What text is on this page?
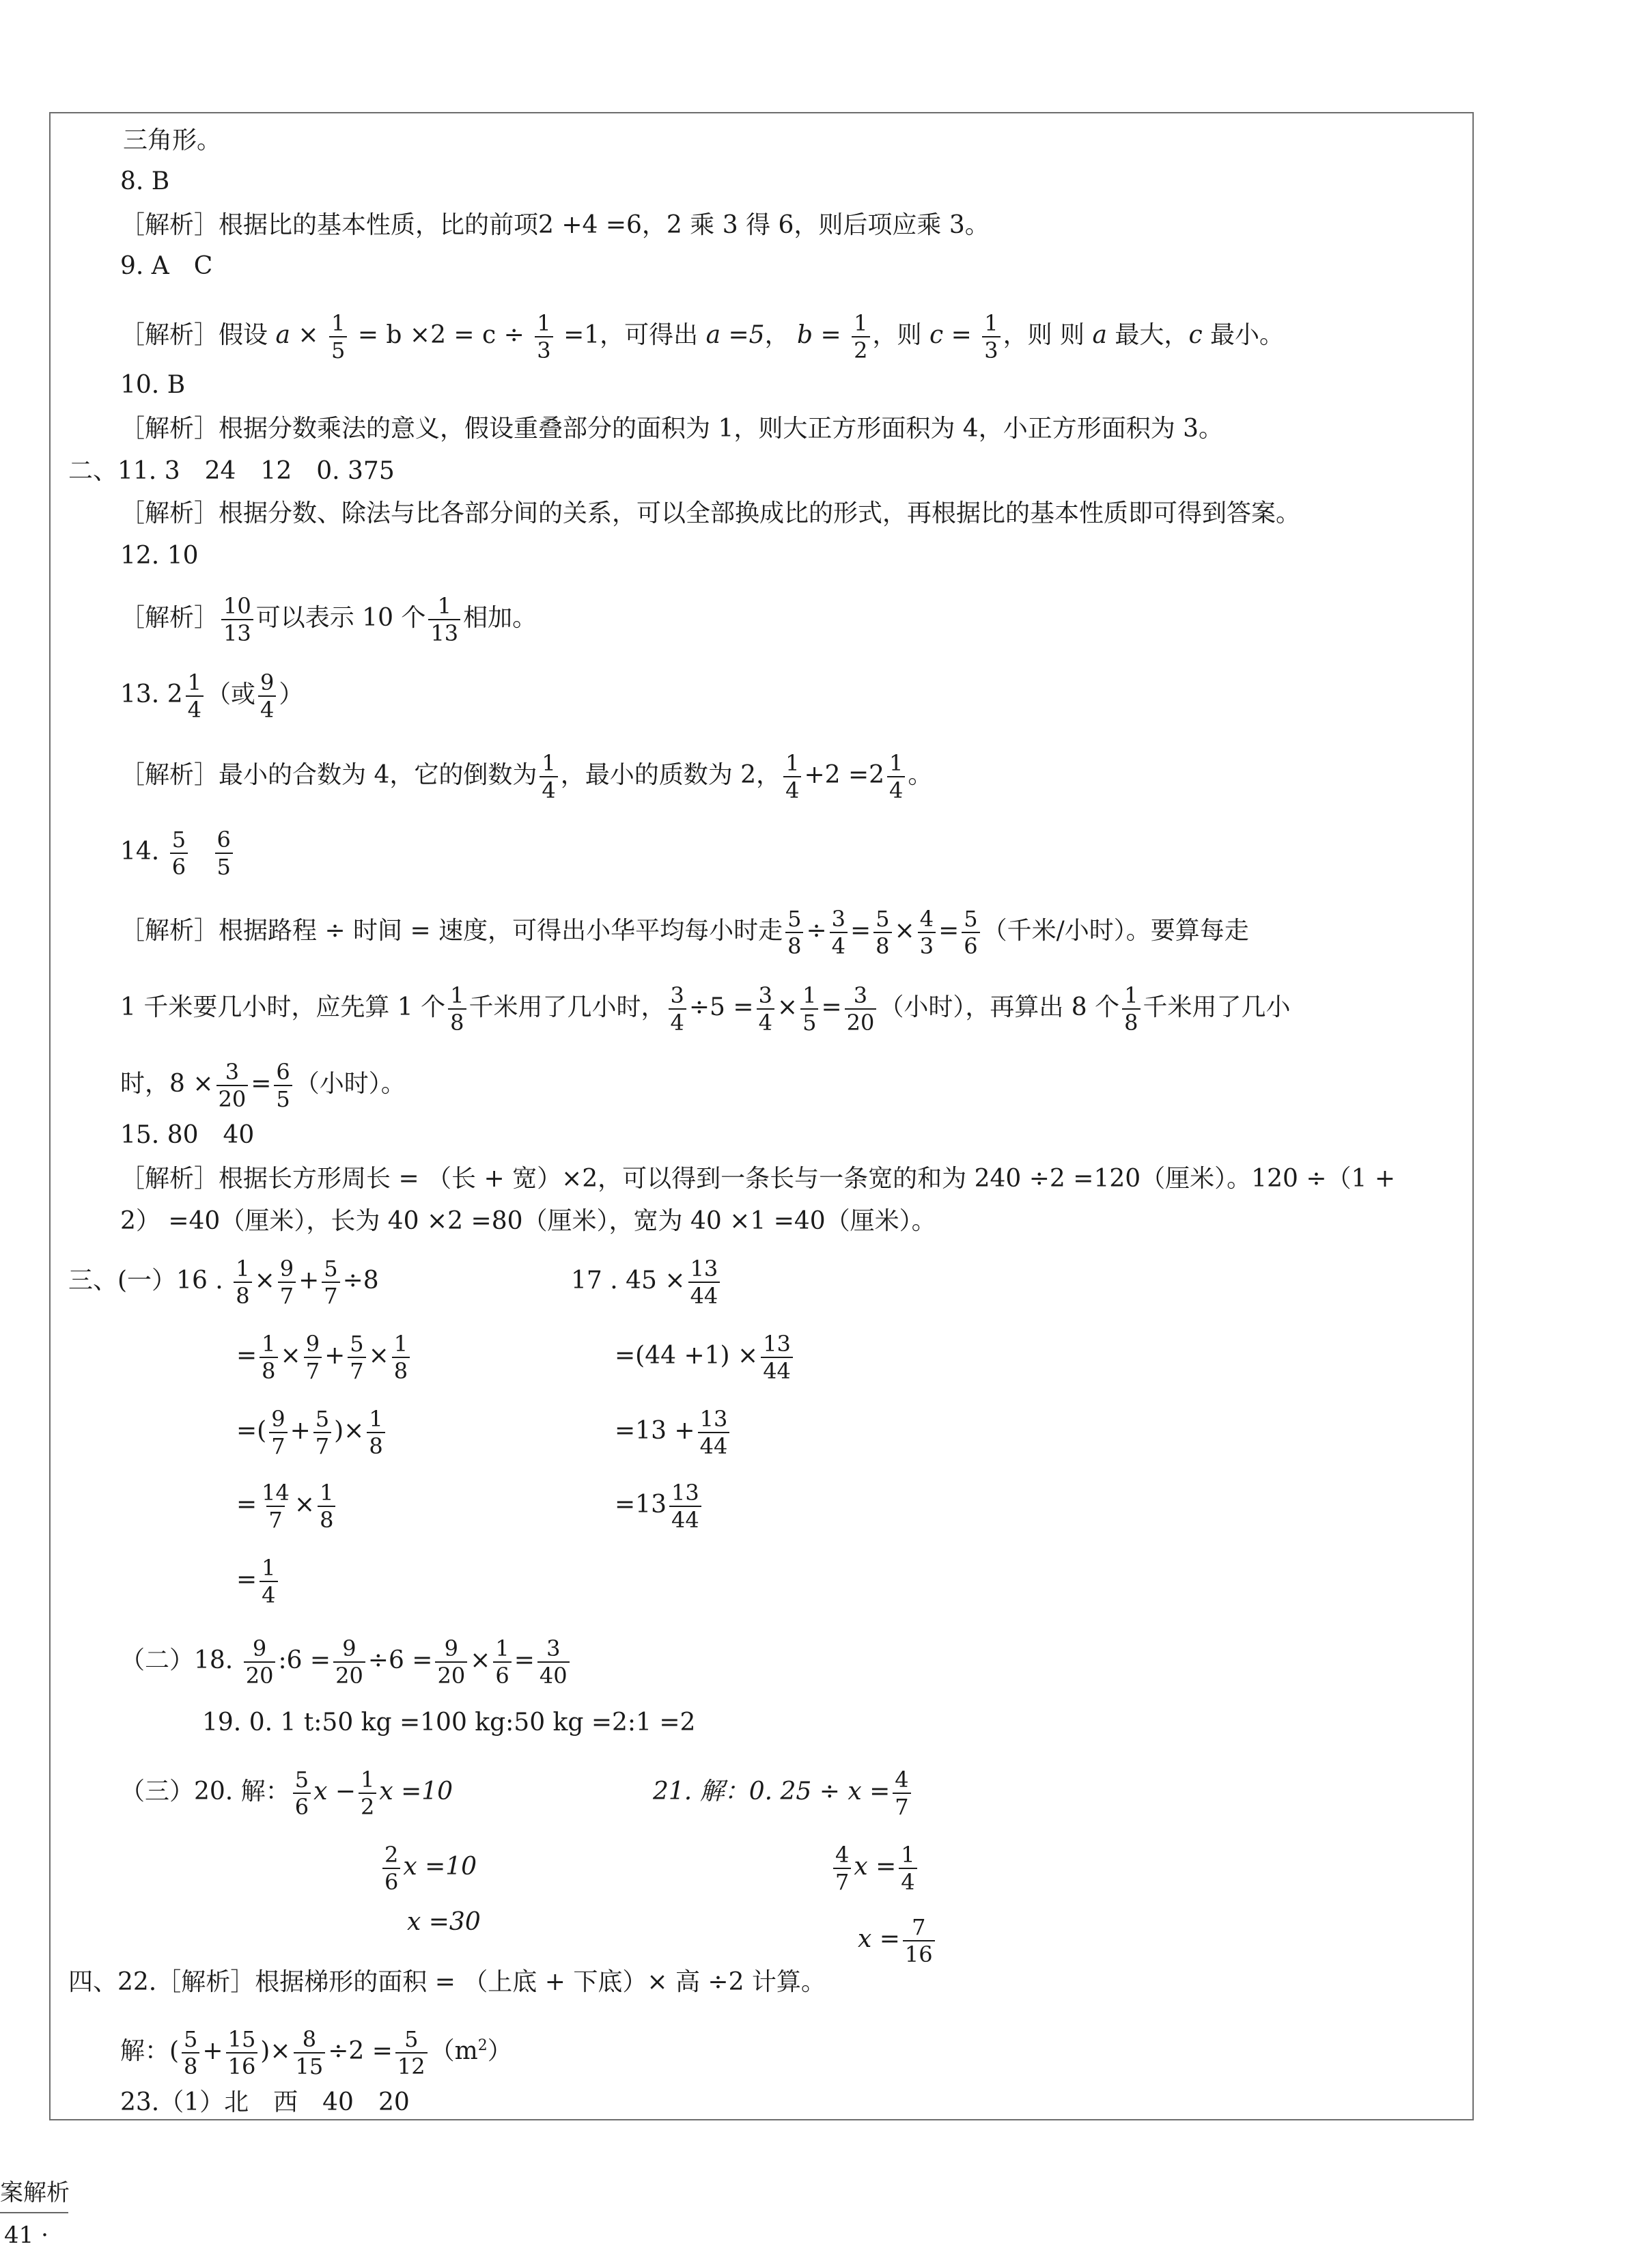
三角形。
8. B
［解析］根据比的基本性质，比的前项2 +4 =6，2 乘 3 得 6，则后项应乘 3。
9. A　C
［解析］假设 $a \times \frac{1}{5} = b \times 2 = c \div \frac{1}{3} =1$，可得出 a =5， $b = \frac{1}{2}$ ，则 $c = \frac{1}{3}$ ，则 则 a 最大，c 最小。
10. B
［解析］根据分数乘法的意义，假设重叠部分的面积为 1，则大正方形面积为 4，小正方形面积为 3。
二、11. 3　24　12　0. 375
［解析］根据分数、除法与比各部分间的关系，可以全部换成比的形式，再根据比的基本性质即可得到答案。
12. 10
［解析］ $\frac{10}{13}$ 可以表示 10 个 $\frac{1}{13}$ 相加。
13. $2 \frac{1}{4}$ （或 $\frac{9}{4}$ ）
［解析］最小的合数为 4，它的倒数为 $\frac{1}{4}$ ，最小的质数为 2， $\frac{1}{4} +2 =2 \frac{1}{4}$ 。
14. $\frac{5}{6}$
$\frac{6}{5}$
［解析］根据路程 ÷ 时间 = 速度，可得出小华平均每小时走 $\frac{5}{8} \div \frac{3}{4} = \frac{5}{8} \times \frac{4}{3} = \frac{5}{6}$ （千米/小时）。要算每走
1 千米要几小时，应先算 1 个 $\frac{1}{8}$ 千米用了几小时， $\frac{3}{4} \div 5 = \frac{3}{4} \times \frac{1}{5} = \frac{3}{20}$ （小时），再算出 8 个 $\frac{1}{8}$ 千米用了几小
时，$8 \times \frac{3}{20} = \frac{6}{5}$ （小时）。
15. 80　40
［解析］根据长方形周长 = （长 + 宽）×2，可以得到一条长与一条宽的和为 240 ÷2 =120（厘米）。120 ÷（1 +
2） =40（厘米），长为 40 ×2 =80（厘米），宽为 40 ×1 =40（厘米）。
三、(一）16 . $\frac{1}{8} \times \frac{9}{7} + \frac{5}{7} \div 8$
= $\frac{1}{8} \times \frac{9}{7} + \frac{5}{7} \times \frac{1}{8}$
=( $\frac{9}{7} + \frac{5}{7}$ )× $\frac{1}{8}$
= $\frac{14}{7} \times \frac{1}{8}$
= $\frac{1}{4}$
17 . $45 \times \frac{13}{44}$
$=(44 +1) \times \frac{13}{44}$
$=13 + \frac{13}{44}$
$=13 \frac{13}{44}$
（二）18. $\frac{9}{20}$ :6 = $\frac{9}{20} \div 6 = \frac{9}{20} \times \frac{1}{6} = \frac{3}{40}$
19. 0. 1 t:50 kg =100 kg:50 kg =2:1 =2
（三）20. 解： $\frac{5}{6}$ $x - \frac{1}{2}$ x =10
$\frac{2}{6}$ x =10
x =30
21. 解：0. $25 \div x = \frac{4}{7}$
$\frac{4}{7}$ $x = \frac{1}{4}$
$x = \frac{7}{16}$
四、22.［解析］根据梯形的面积 = （上底 + 下底）× 高 ÷2 计算。
解：( $\frac{5}{8} + \frac{15}{16}$ )× $\frac{8}{15} \div 2 = \frac{5}{12} (m^2)$
23.（1）北　西　40　20
案解析
41 ·
